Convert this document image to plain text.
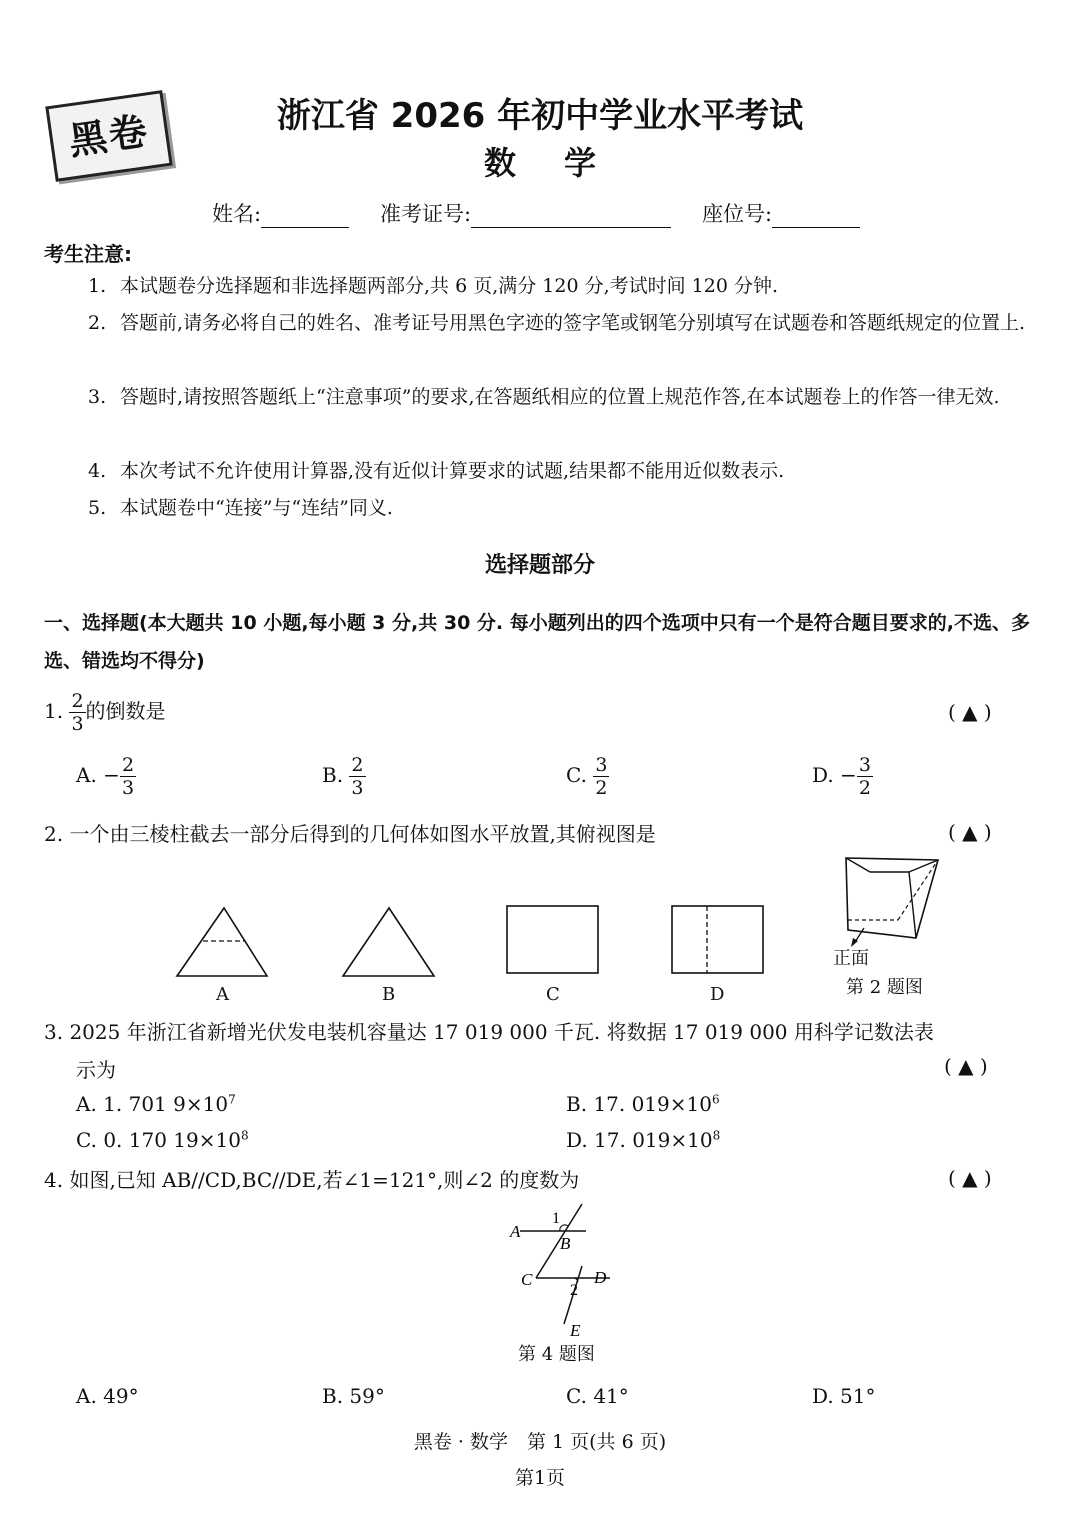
黑卷	浙江省 2026 年初中学业水平考试
数学
姓名:	准考证号:	座位号:
考生注意:
1. 本试题卷分选择题和非选择题两部分,共 6 页,满分 120 分,考试时间 120 分钟.
2. 答题前,请务必将自己的姓名、准考证号用黑色字迹的签字笔或钢笔分别填写在试题卷和答题纸规定的位置上.
3. 答题时,请按照答题纸上“注意事项”的要求,在答题纸相应的位置上规范作答,在本试题卷上的作答一律无效.
4. 本次考试不允许使用计算器,没有近似计算要求的试题,结果都不能用近似数表示.
5. 本试题卷中“连接”与“连结”同义.
选择题部分
一、选择题(本大题共 10 小题,每小题 3 分,共 30 分. 每小题列出的四个选项中只有一个是符合题目要求的,不选、多选、错选均不得分)
1. $\frac{2}{3}$ 的倒数是	( ▲ )
A. − $\frac{2}{3}$	B. $\frac{2}{3}$	C. $\frac{3}{2}$	D. − $\frac{3}{2}$
2. 一个由三棱柱截去一部分后得到的几何体如图水平放置,其俯视图是	( ▲ )
A	B	C	D
正面
第 2 题图
3. 2025 年浙江省新增光伏发电装机容量达 17 019 000 千瓦. 将数据 17 019 000 用科学记数法表
示为	( ▲ )
A. 1. 701 $9\times 10^7$	B. 17. $019\times 10^6$
C. 0. 170 $19\times 10^8$	D. 17. $019\times 10^8$
4. 如图,已知 AB//CD,BC//DE,若∠1=121°,则∠2 的度数为	( ▲ )
A
B
C	D
E
1
2
第 4 题图
A. 49°	B. 59°	C. 41°	D. 51°
黑卷 · 数学　第 1 页(共 6 页)
第1页
